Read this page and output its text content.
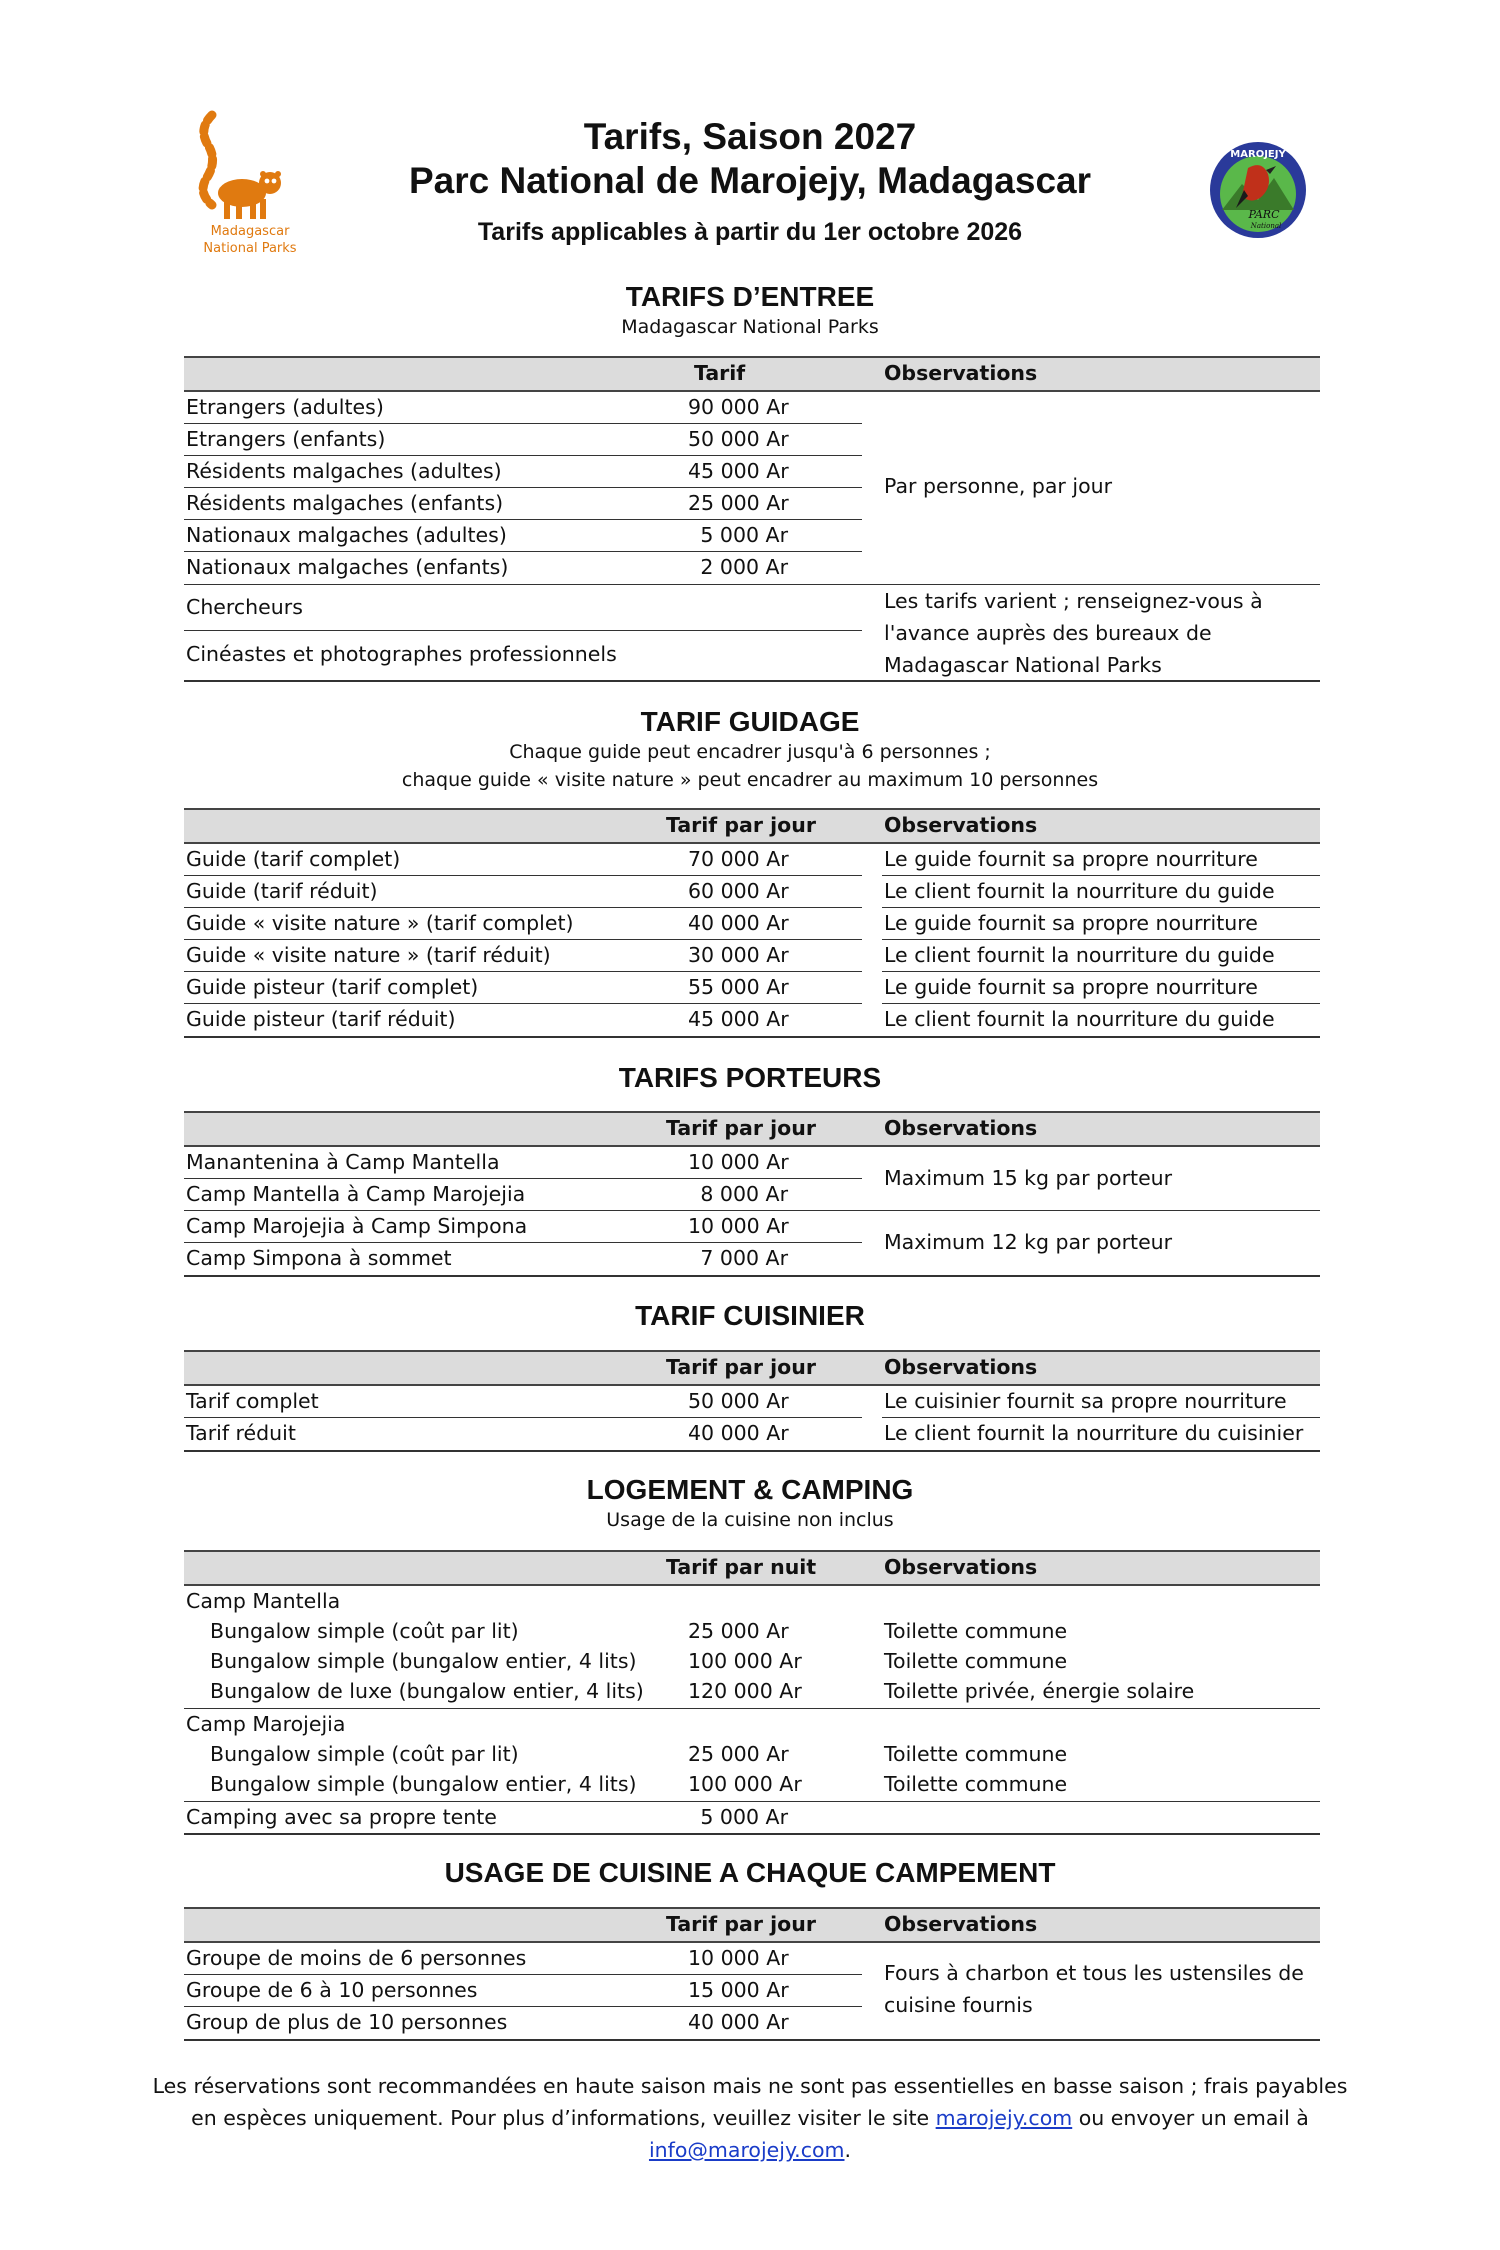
Madagascar
National Parks
MAROJEJY
PARC
National
Tarifs, Saison 2027
Parc National de Marojejy, Madagascar
Tarifs applicables à partir du 1er octobre 2026
TARIFS D’ENTREE
Madagascar National Parks
Tarif	Observations
Etrangers (adultes)	90 000 Ar
Etrangers (enfants)	50 000 Ar
Résidents malgaches (adultes)	45 000 Ar
Résidents malgaches (enfants)	25 000 Ar
Nationaux malgaches (adultes)	5 000 Ar
Nationaux malgaches (enfants)	2 000 Ar
Par personne, par jour
Chercheurs
Cinéastes et photographes professionnels
Les tarifs varient ; renseignez-vous à l'avance auprès des bureaux de Madagascar National Parks
TARIF GUIDAGE
Chaque guide peut encadrer jusqu'à 6 personnes ;
chaque guide « visite nature » peut encadrer au maximum 10 personnes
Tarif par jour	Observations
Guide (tarif complet)	70 000 Ar	Le guide fournit sa propre nourriture
Guide (tarif réduit)	60 000 Ar	Le client fournit la nourriture du guide
Guide « visite nature » (tarif complet)	40 000 Ar	Le guide fournit sa propre nourriture
Guide « visite nature » (tarif réduit)	30 000 Ar	Le client fournit la nourriture du guide
Guide pisteur (tarif complet)	55 000 Ar	Le guide fournit sa propre nourriture
Guide pisteur (tarif réduit)	45 000 Ar	Le client fournit la nourriture du guide
TARIFS PORTEURS
Tarif par jour	Observations
Manantenina à Camp Mantella	10 000 Ar
Camp Mantella à Camp Marojejia	8 000 Ar
Maximum 15 kg par porteur
Camp Marojejia à Camp Simpona	10 000 Ar
Camp Simpona à sommet	7 000 Ar
Maximum 12 kg par porteur
TARIF CUISINIER
Tarif par jour	Observations
Tarif complet	50 000 Ar	Le cuisinier fournit sa propre nourriture
Tarif réduit	40 000 Ar	Le client fournit la nourriture du cuisinier
LOGEMENT & CAMPING
Usage de la cuisine non inclus
Tarif par nuit	Observations
Camp Mantella
Bungalow simple (coût par lit)	25 000 Ar	Toilette commune
Bungalow simple (bungalow entier, 4 lits)	100 000 Ar	Toilette commune
Bungalow de luxe (bungalow entier, 4 lits) 120 000 Ar	Toilette privée, énergie solaire
Camp Marojejia
Bungalow simple (coût par lit)	25 000 Ar	Toilette commune
Bungalow simple (bungalow entier, 4 lits)	100 000 Ar	Toilette commune
Camping avec sa propre tente	5 000 Ar
USAGE DE CUISINE A CHAQUE CAMPEMENT
Tarif par jour	Observations
Groupe de moins de 6 personnes	10 000 Ar
Groupe de 6 à 10 personnes	15 000 Ar
Group de plus de 10 personnes	40 000 Ar
Fours à charbon et tous les ustensiles de cuisine fournis
Les réservations sont recommandées en haute saison mais ne sont pas essentielles en basse saison ; frais payables en espèces uniquement. Pour plus d’informations, veuillez visiter le site marojejy.com ou envoyer un email à info@marojejy.com.
